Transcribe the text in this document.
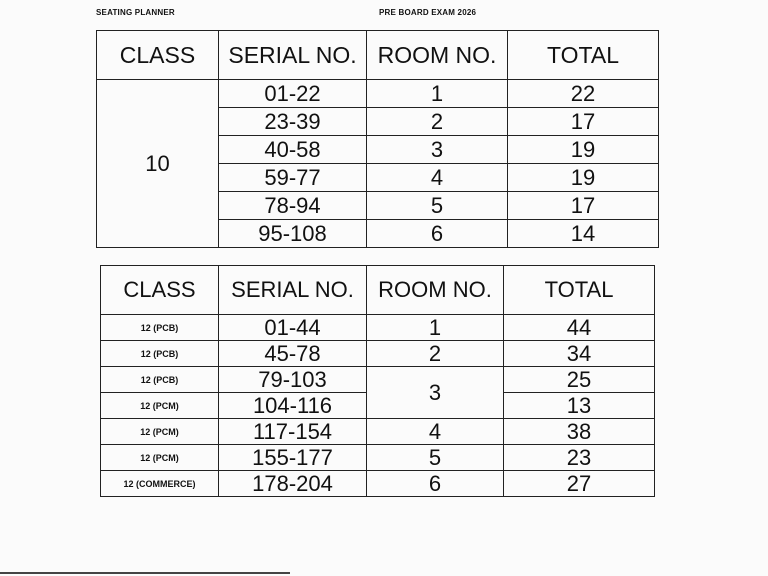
SEATING PLANNER	PRE BOARD EXAM 2026
CLASS	SERIAL NO.	ROOM NO.	TOTAL
10	01-22	1	22
	23-39	2	17
	40-58	3	19
	59-77	4	19
	78-94	5	17
	95-108	6	14
CLASS	SERIAL NO.	ROOM NO.	TOTAL
12 (PCB)	01-44	1	44
12 (PCB)	45-78	2	34
12 (PCB)	79-103	3	25
12 (PCM)	104-116		13
12 (PCM)	117-154	4	38
12 (PCM)	155-177	5	23
12 (COMMERCE)	178-204	6	27
